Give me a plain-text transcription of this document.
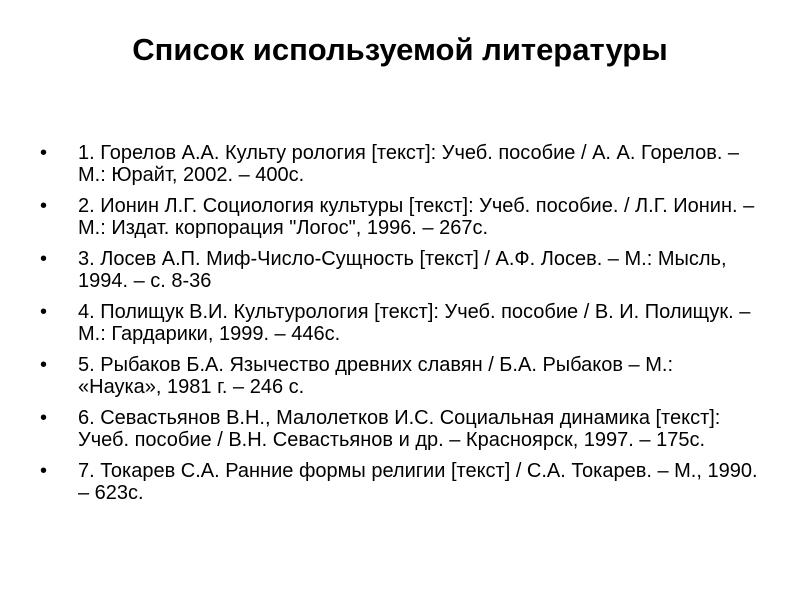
Список используемой литературы
•	1. Горелов А.А. Культу рология [текст]: Учеб. пособие / А. А. Горелов. – М.: Юрайт, 2002. – 400с.
•	2. Ионин Л.Г. Социология культуры [текст]: Учеб. пособие. / Л.Г. Ионин. – М.: Издат. корпорация "Логос", 1996. – 267с.
•	3. Лосев А.П. Миф-Число-Сущность [текст] / А.Ф. Лосев. – М.: Мысль, 1994. – с. 8-36
•	4. Полищук В.И. Культурология [текст]: Учеб. пособие / В. И. Полищук. – М.: Гардарики, 1999. – 446с.
•	5. Рыбаков Б.А. Язычество древних славян / Б.А. Рыбаков – М.: «Наука», 1981 г. – 246 с.
•	6. Севастьянов В.Н., Малолетков И.С. Социальная динамика [текст]: Учеб. пособие / В.Н. Севастьянов и др. – Красноярск, 1997. – 175с.
•	7. Токарев С.А. Ранние формы религии [текст] / С.А. Токарев. – М., 1990. – 623с.
